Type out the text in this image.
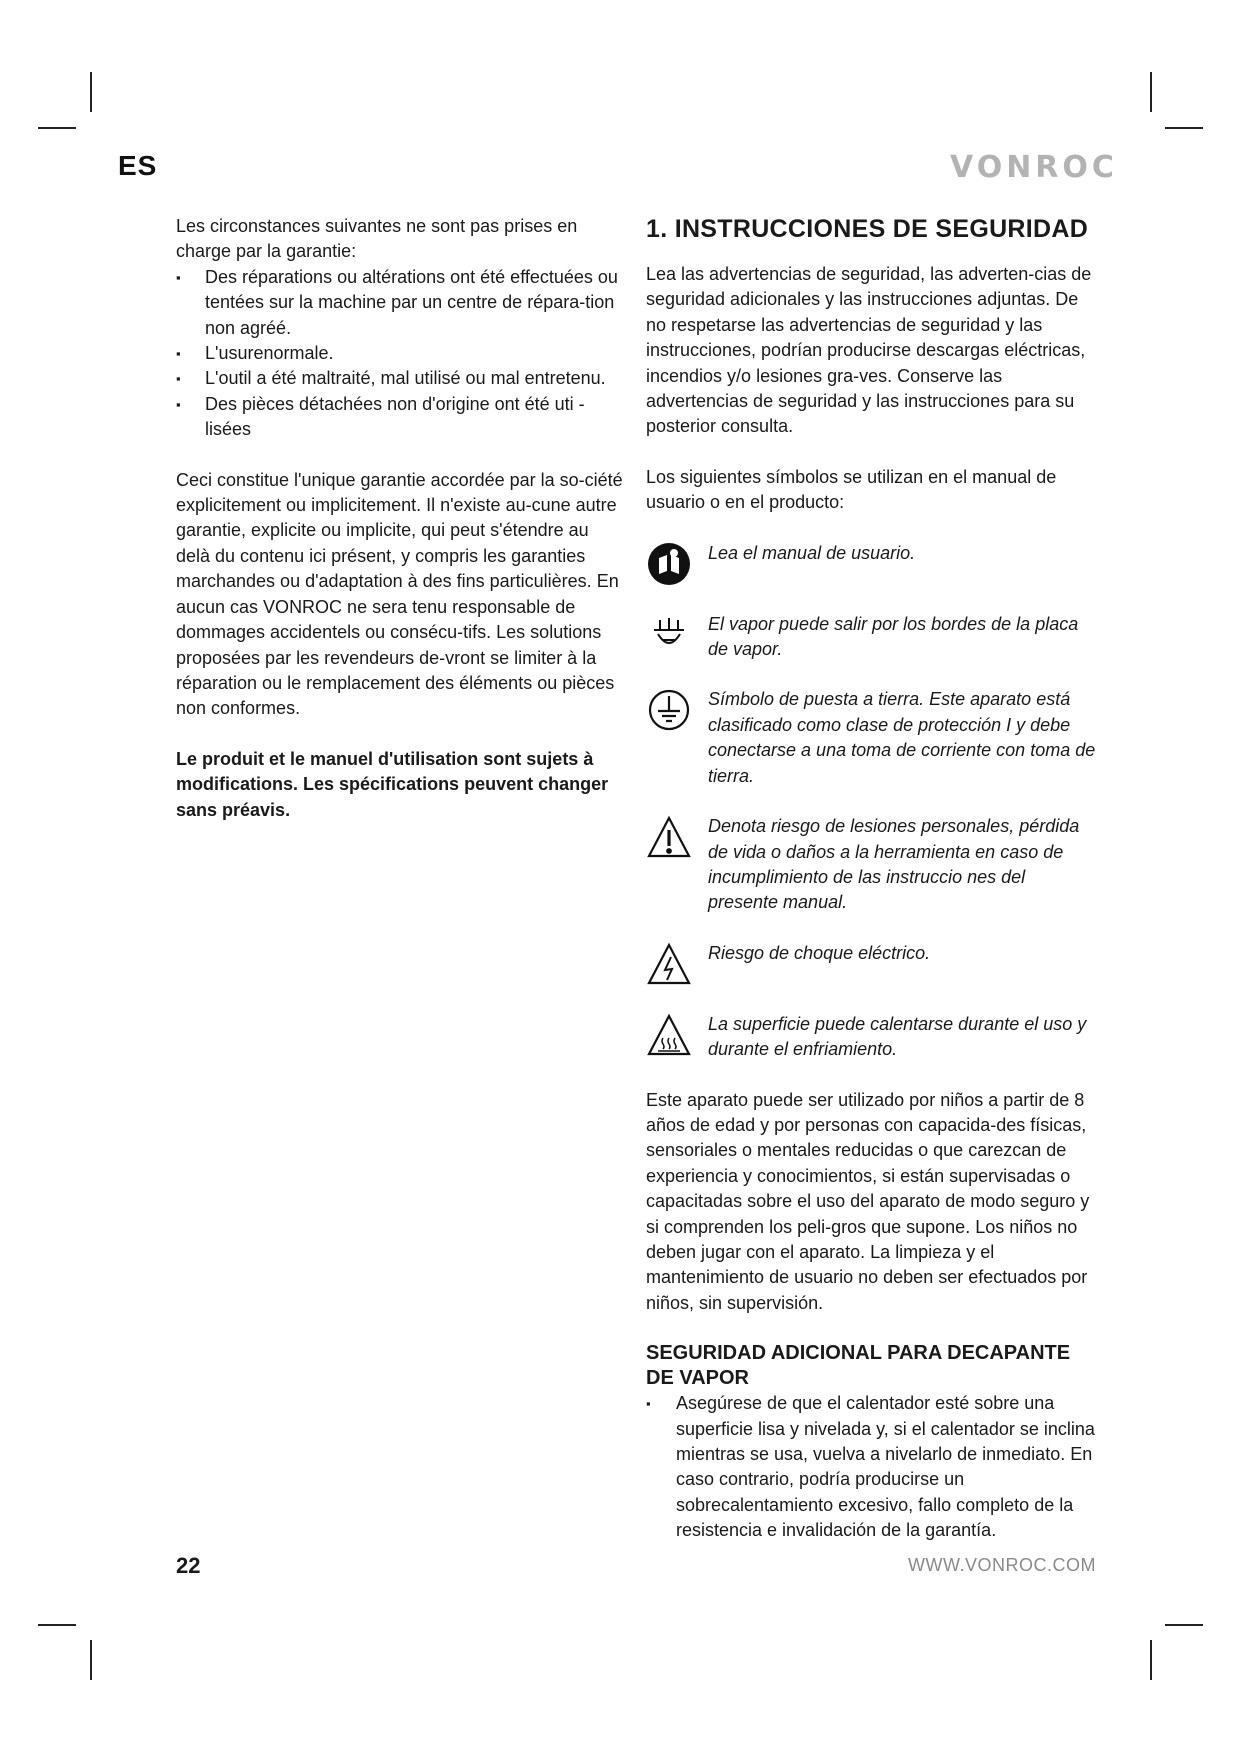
ES	VONROC

Les circonstances suivantes ne sont pas prises en charge par la garantie:

▪ Des réparations ou altérations ont été effectuées ou tentées sur la machine par un centre de répara-tion non agréé.
▪ L'usurenormale.
▪ L'outil a été maltraité, mal utilisé ou mal entretenu.
▪ Des pièces détachées non d'origine ont été uti - lisées

Ceci constitue l'unique garantie accordée par la so-ciété explicitement ou implicitement. Il n'existe au-cune autre garantie, explicite ou implicite, qui peut s'étendre au delà du contenu ici présent, y compris les garanties marchandes ou d'adaptation à des fins particulières. En aucun cas VONROC ne sera tenu responsable de dommages accidentels ou consécu-tifs. Les solutions proposées par les revendeurs de-vront se limiter à la réparation ou le remplacement des éléments ou pièces non conformes.

Le produit et le manuel d'utilisation sont sujets à modifications. Les spécifications peuvent changer sans préavis.

1. INSTRUCCIONES DE SEGURIDAD

Lea las advertencias de seguridad, las adverten-cias de seguridad adicionales y las instrucciones adjuntas. De no respetarse las advertencias de seguridad y las instrucciones, podrían producirse descargas eléctricas, incendios y/o lesiones gra-ves. Conserve las advertencias de seguridad y las instrucciones para su posterior consulta.

Los siguientes símbolos se utilizan en el manual de usuario o en el producto:

Lea el manual de usuario.
El vapor puede salir por los bordes de la placa de vapor.
Símbolo de puesta a tierra. Este aparato está clasificado como clase de protección I y debe conectarse a una toma de corriente con toma de tierra.
Denota riesgo de lesiones personales, pérdida de vida o daños a la herramienta en caso de incumplimiento de las instruccio nes del presente manual.
Riesgo de choque eléctrico.
La superficie puede calentarse durante el uso y durante el enfriamiento.

Este aparato puede ser utilizado por niños a partir de 8 años de edad y por personas con capacida-des físicas, sensoriales o mentales reducidas o que carezcan de experiencia y conocimientos, si están supervisadas o capacitadas sobre el uso del aparato de modo seguro y si comprenden los peli-gros que supone. Los niños no deben jugar con el aparato. La limpieza y el mantenimiento de usuario no deben ser efectuados por niños, sin supervisión.

SEGURIDAD ADICIONAL PARA DECAPANTE DE VAPOR
▪ Asegúrese de que el calentador esté sobre una superficie lisa y nivelada y, si el calentador se inclina mientras se usa, vuelva a nivelarlo de inmediato. En caso contrario, podría producirse un sobrecalentamiento excesivo, fallo completo de la resistencia e invalidación de la garantía.
22	WWW.VONROC.COM
